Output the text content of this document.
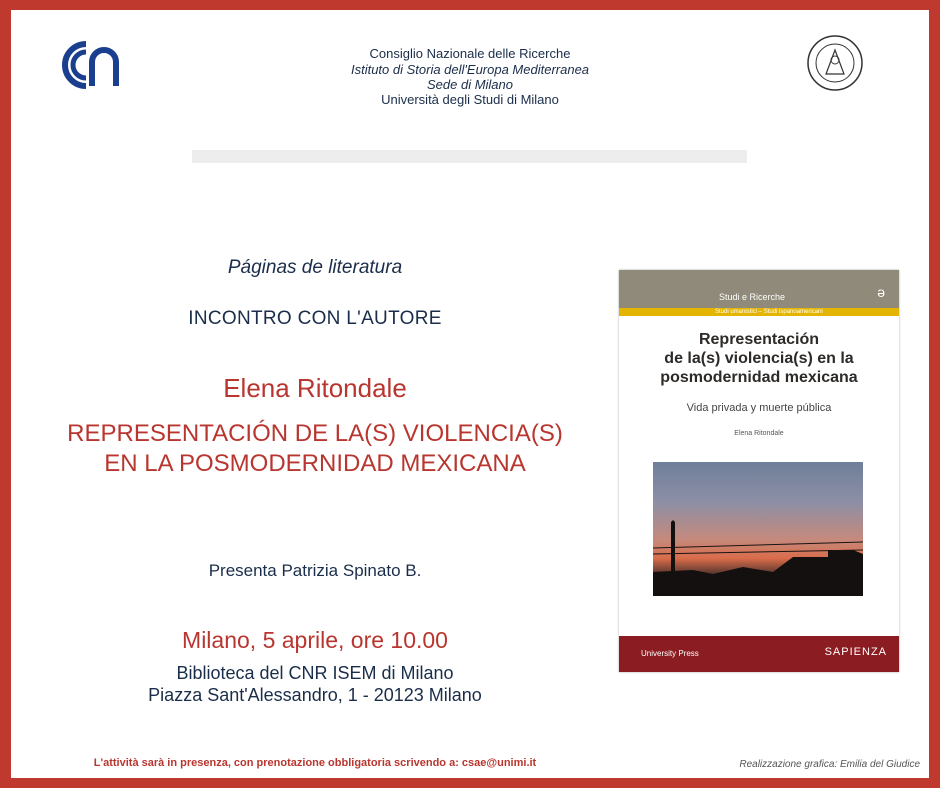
Consiglio Nazionale delle Ricerche
Istituto di Storia dell'Europa Mediterranea
Sede di Milano
Università degli Studi di Milano
Páginas de literatura
INCONTRO CON L'AUTORE
Elena Ritondale
REPRESENTACIÓN DE LA(S) VIOLENCIA(S)
EN LA POSMODERNIDAD MEXICANA
Presenta Patrizia Spinato B.
Milano, 5 aprile, ore 10.00
Biblioteca del CNR ISEM di Milano
Piazza Sant'Alessandro, 1 - 20123 Milano
Studi e Ricerche	ə
Studi umanistici – Studi ispanoamericani
Representación
de la(s) violencia(s) en la
posmodernidad mexicana
Vida privada y muerte pública
Elena Ritondale
University Press	SAPIENZA
L'attività sarà in presenza, con prenotazione obbligatoria scrivendo a: csae@unimi.it	Realizzazione grafica: Emilia del Giudice
